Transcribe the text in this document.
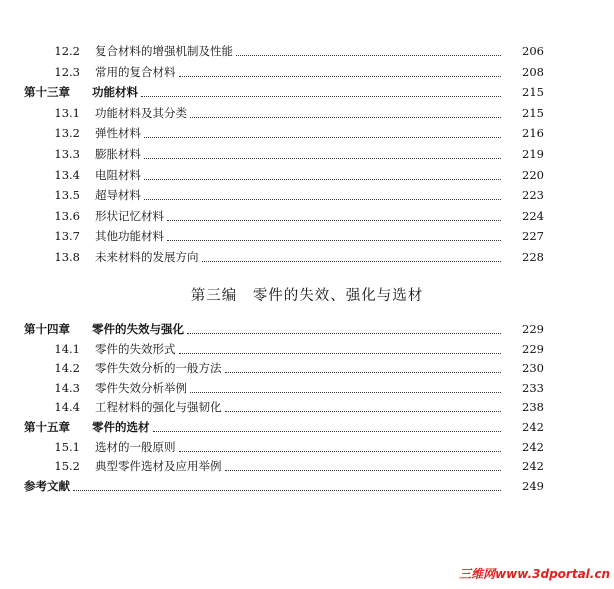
12.2 复合材料的增强机制及性能	206
12.3 常用的复合材料	208
第十三章	功能材料	215
13.1 功能材料及其分类	215
13.2 弹性材料	216
13.3 膨胀材料	219
13.4 电阻材料	220
13.5 超导材料	223
13.6 形状记忆材料	224
13.7 其他功能材料	227
13.8 未来材料的发展方向	228
第三编　零件的失效、强化与选材
第十四章	零件的失效与强化	229
14.1 零件的失效形式	229
14.2 零件失效分析的一般方法	230
14.3 零件失效分析举例	233
14.4 工程材料的强化与强韧化	238
第十五章	零件的选材	242
15.1 选材的一般原则	242
15.2 典型零件选材及应用举例	242
参考文献	249
三维网www.3dportal.cn
